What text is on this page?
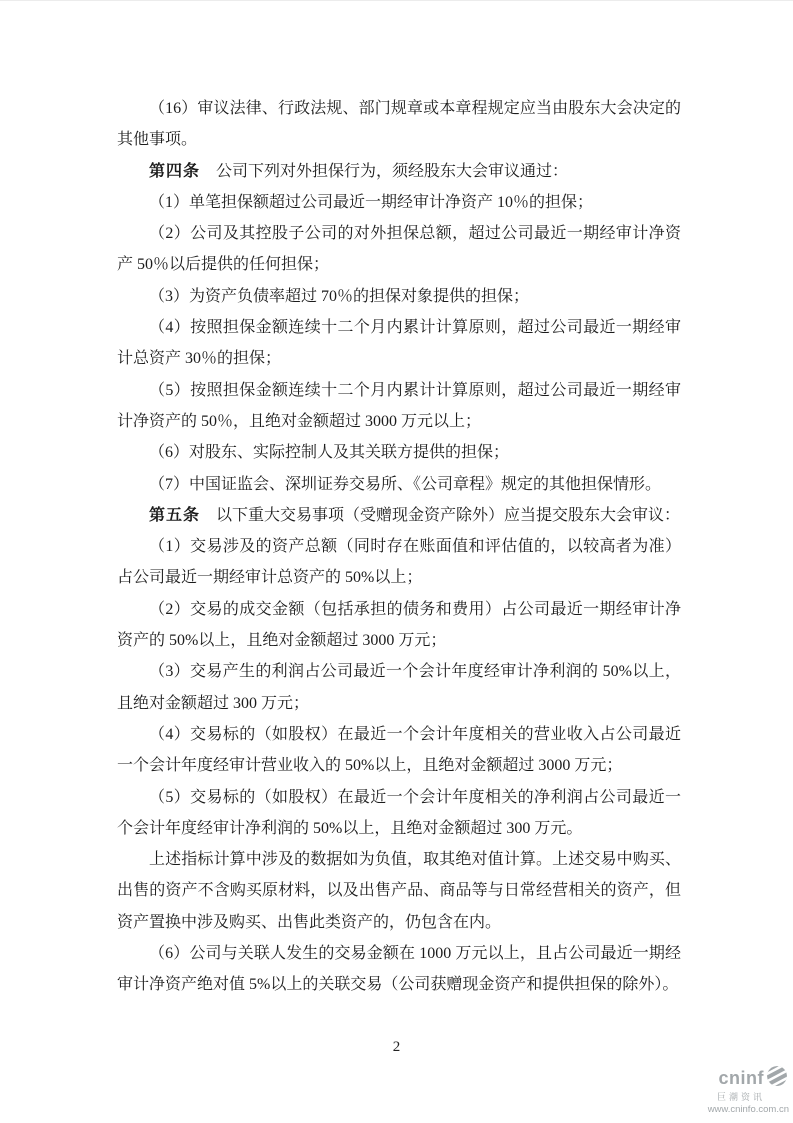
（16）审议法律、行政法规、部门规章或本章程规定应当由股东大会决定的其他事项。

第四条　公司下列对外担保行为，须经股东大会审议通过：

（1）单笔担保额超过公司最近一期经审计净资产 10％的担保；

（2）公司及其控股子公司的对外担保总额，超过公司最近一期经审计净资产 50％以后提供的任何担保；

（3）为资产负债率超过 70％的担保对象提供的担保；

（4）按照担保金额连续十二个月内累计计算原则，超过公司最近一期经审计总资产 30％的担保；

（5）按照担保金额连续十二个月内累计计算原则，超过公司最近一期经审计净资产的 50％，且绝对金额超过 3000 万元以上；

（6）对股东、实际控制人及其关联方提供的担保；

（7）中国证监会、深圳证券交易所、《公司章程》规定的其他担保情形。

第五条　以下重大交易事项（受赠现金资产除外）应当提交股东大会审议：

（1）交易涉及的资产总额（同时存在账面值和评估值的，以较高者为准）占公司最近一期经审计总资产的 50%以上；

（2）交易的成交金额（包括承担的债务和费用）占公司最近一期经审计净资产的 50%以上，且绝对金额超过 3000 万元；

（3）交易产生的利润占公司最近一个会计年度经审计净利润的 50%以上，且绝对金额超过 300 万元；

（4）交易标的（如股权）在最近一个会计年度相关的营业收入占公司最近一个会计年度经审计营业收入的 50%以上，且绝对金额超过 3000 万元；

（5）交易标的（如股权）在最近一个会计年度相关的净利润占公司最近一个会计年度经审计净利润的 50%以上，且绝对金额超过 300 万元。

上述指标计算中涉及的数据如为负值，取其绝对值计算。上述交易中购买、出售的资产不含购买原材料，以及出售产品、商品等与日常经营相关的资产，但资产置换中涉及购买、出售此类资产的，仍包含在内。

（6）公司与关联人发生的交易金额在 1000 万元以上，且占公司最近一期经审计净资产绝对值 5%以上的关联交易（公司获赠现金资产和提供担保的除外）。

2
cninf
巨潮资讯
www.cninfo.com.cn
